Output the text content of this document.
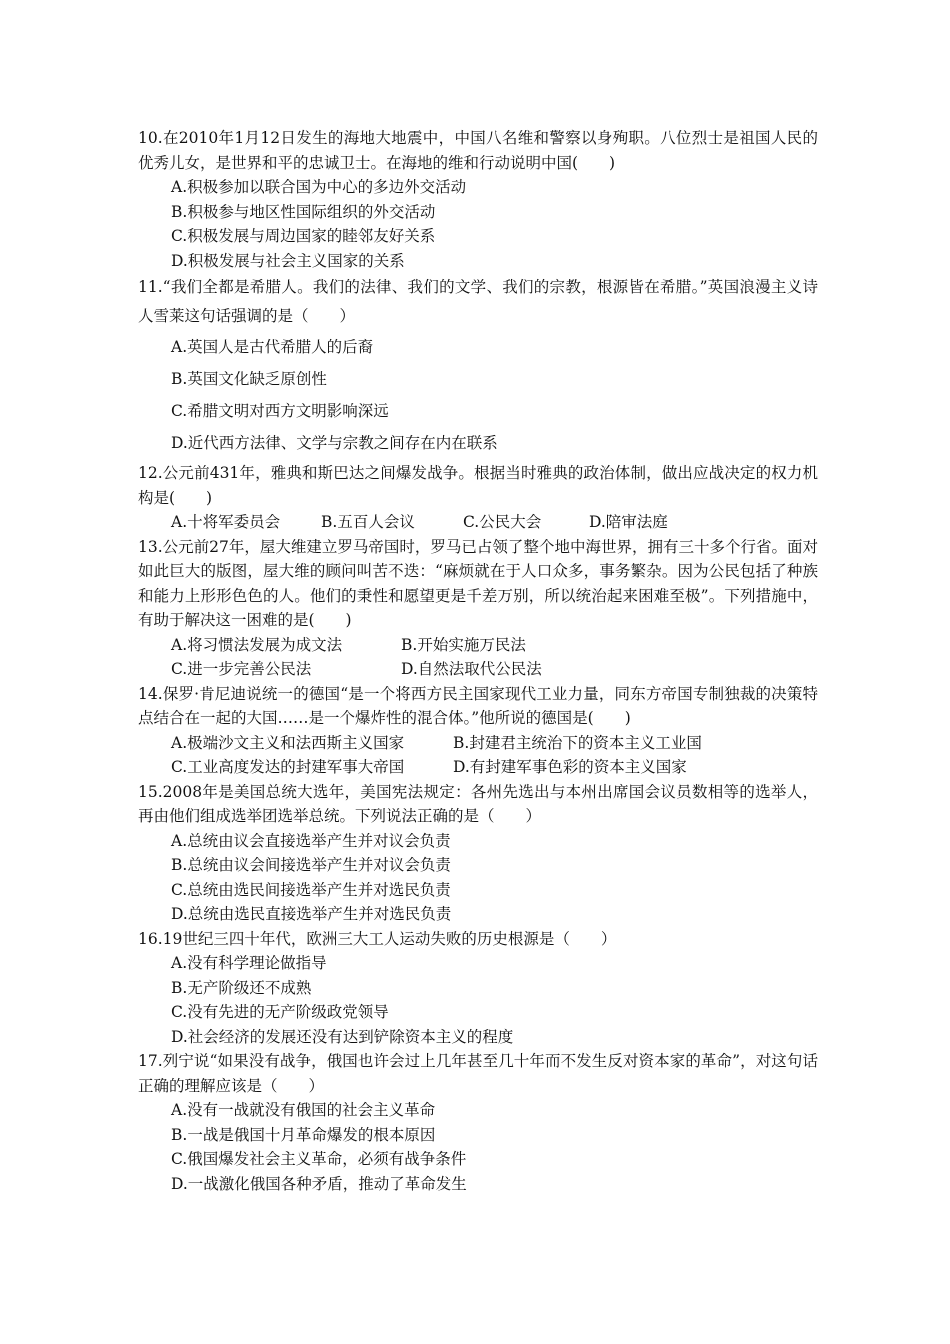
10.在2010年1月12日发生的海地大地震中，中国八名维和警察以身殉职。八位烈士是祖国人民的优秀儿女，是世界和平的忠诚卫士。在海地的维和行动说明中国(　　)

A.积极参加以联合国为中心的多边外交活动

B.积极参与地区性国际组织的外交活动

C.积极发展与周边国家的睦邻友好关系

D.积极发展与社会主义国家的关系

11.“我们全都是希腊人。我们的法律、我们的文学、我们的宗教，根源皆在希腊。”英国浪漫主义诗人雪莱这句话强调的是（　　）

A.英国人是古代希腊人的后裔

B.英国文化缺乏原创性

C.希腊文明对西方文明影响深远

D.近代西方法律、文学与宗教之间存在内在联系

12.公元前431年，雅典和斯巴达之间爆发战争。根据当时雅典的政治体制，做出应战决定的权力机构是(　　)

A.十将军委员会	B.五百人会议	C.公民大会	D.陪审法庭

13.公元前27年，屋大维建立罗马帝国时，罗马已占领了整个地中海世界，拥有三十多个行省。面对如此巨大的版图，屋大维的顾问叫苦不迭：“麻烦就在于人口众多，事务繁杂。因为公民包括了种族和能力上形形色色的人。他们的秉性和愿望更是千差万别，所以统治起来困难至极”。下列措施中，有助于解决这一困难的是(　　)

A.将习惯法发展为成文法	B.开始实施万民法
C.进一步完善公民法	D.自然法取代公民法

14.保罗·肯尼迪说统一的德国“是一个将西方民主国家现代工业力量，同东方帝国专制独裁的决策特点结合在一起的大国……是一个爆炸性的混合体。”他所说的德国是(　　)

A.极端沙文主义和法西斯主义国家	B.封建君主统治下的资本主义工业国
C.工业高度发达的封建军事大帝国	D.有封建军事色彩的资本主义国家

15.2008年是美国总统大选年，美国宪法规定：各州先选出与本州出席国会议员数相等的选举人，再由他们组成选举团选举总统。下列说法正确的是（　　）

A.总统由议会直接选举产生并对议会负责

B.总统由议会间接选举产生并对议会负责

C.总统由选民间接选举产生并对选民负责

D.总统由选民直接选举产生并对选民负责

16.19世纪三四十年代，欧洲三大工人运动失败的历史根源是（　　）

A.没有科学理论做指导

B.无产阶级还不成熟

C.没有先进的无产阶级政党领导

D.社会经济的发展还没有达到铲除资本主义的程度

17.列宁说“如果没有战争，俄国也许会过上几年甚至几十年而不发生反对资本家的革命”，对这句话正确的理解应该是（　　）

A.没有一战就没有俄国的社会主义革命

B.一战是俄国十月革命爆发的根本原因

C.俄国爆发社会主义革命，必须有战争条件

D.一战激化俄国各种矛盾，推动了革命发生
